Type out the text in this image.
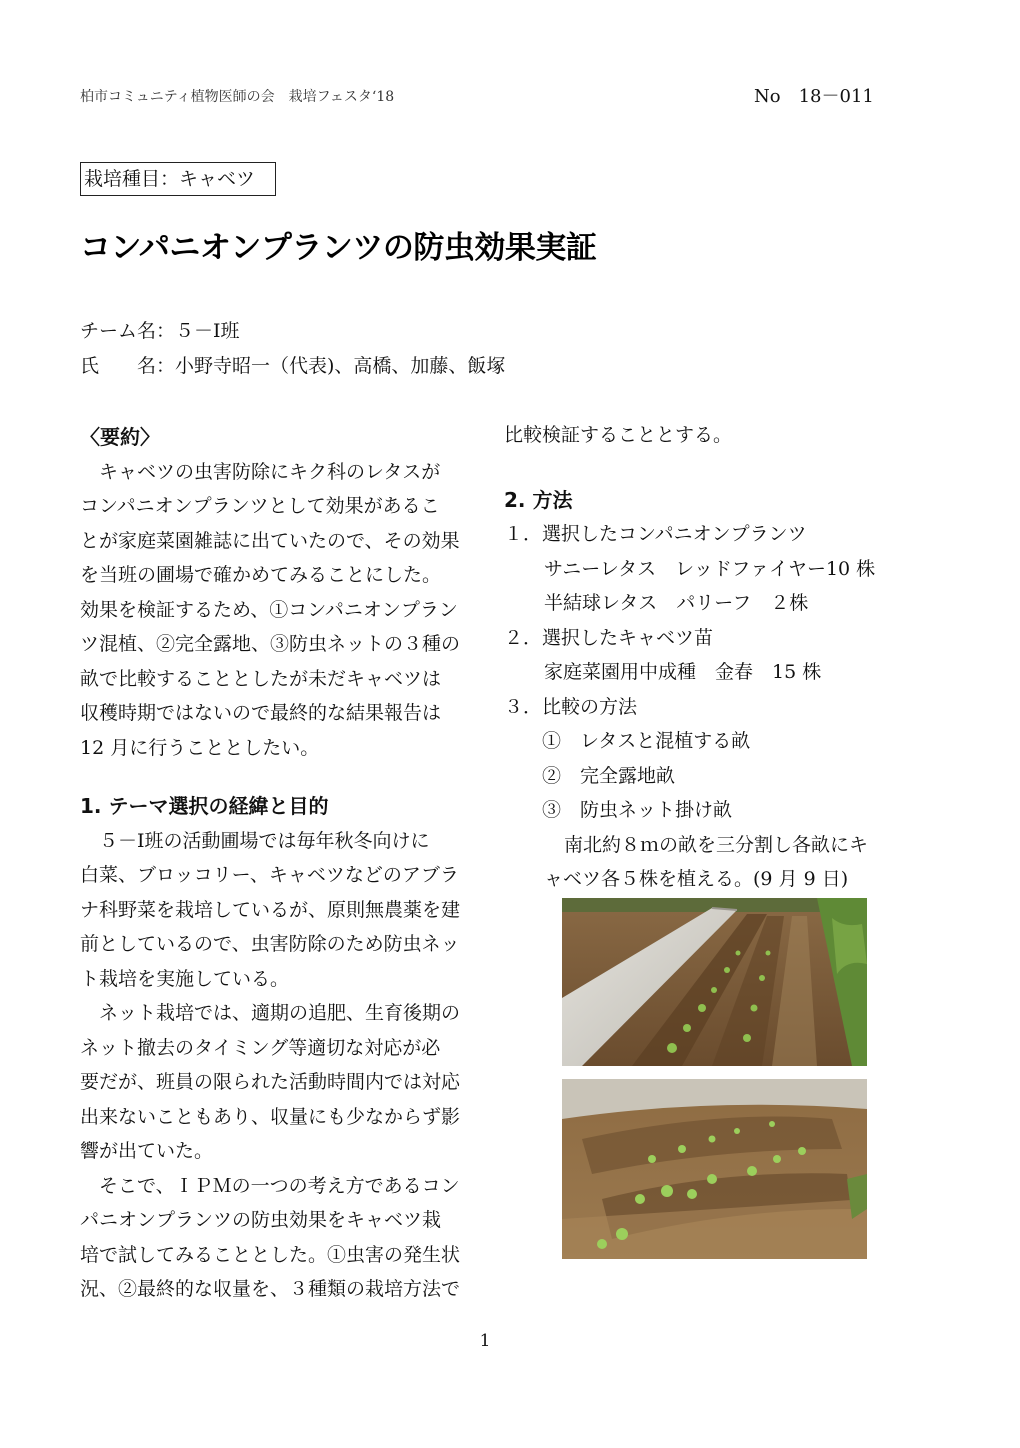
柏市コミュニティ植物医師の会　栽培フェスタ‘18	No　18－011
栽培種目：キャベツ
コンパニオンプランツの防虫効果実証
チーム名：５－Ⅰ班
氏　　名：小野寺昭一（代表)、高橋、加藤、飯塚

〈要約〉

キャベツの虫害防除にキク科のレタスが

コンパニオンプランツとして効果があるこ

とが家庭菜園雑誌に出ていたので、その効果

を当班の圃場で確かめてみることにした。

効果を検証するため、①コンパニオンプラン

ツ混植、②完全露地、③防虫ネットの３種の

畝で比較することとしたが未だキャベツは

収穫時期ではないので最終的な結果報告は

12 月に行うこととしたい。

1. テーマ選択の経緯と目的

５－Ⅰ班の活動圃場では毎年秋冬向けに

白菜、ブロッコリー、キャベツなどのアブラ

ナ科野菜を栽培しているが、原則無農薬を建

前としているので、虫害防除のため防虫ネッ

ト栽培を実施している。

ネット栽培では、適期の追肥、生育後期の

ネット撤去のタイミング等適切な対応が必

要だが、班員の限られた活動時間内では対応

出来ないこともあり、収量にも少なからず影

響が出ていた。

そこで、ＩＰＭの一つの考え方であるコン

パニオンプランツの防虫効果をキャベツ栽

培で試してみることとした。①虫害の発生状

況、②最終的な収量を、３種類の栽培方法で

比較検証することとする。

2. 方法

１．選択したコンパニオンプランツ

サニーレタス　レッドファイヤー10 株

半結球レタス　パリーフ　２株

２．選択したキャベツ苗

家庭菜園用中成種　金春　15 株

３．比較の方法

①　レタスと混植する畝

②　完全露地畝

③　防虫ネット掛け畝

南北約８ｍの畝を三分割し各畝にキ

ャベツ各５株を植える。(9 月 9 日)

1
